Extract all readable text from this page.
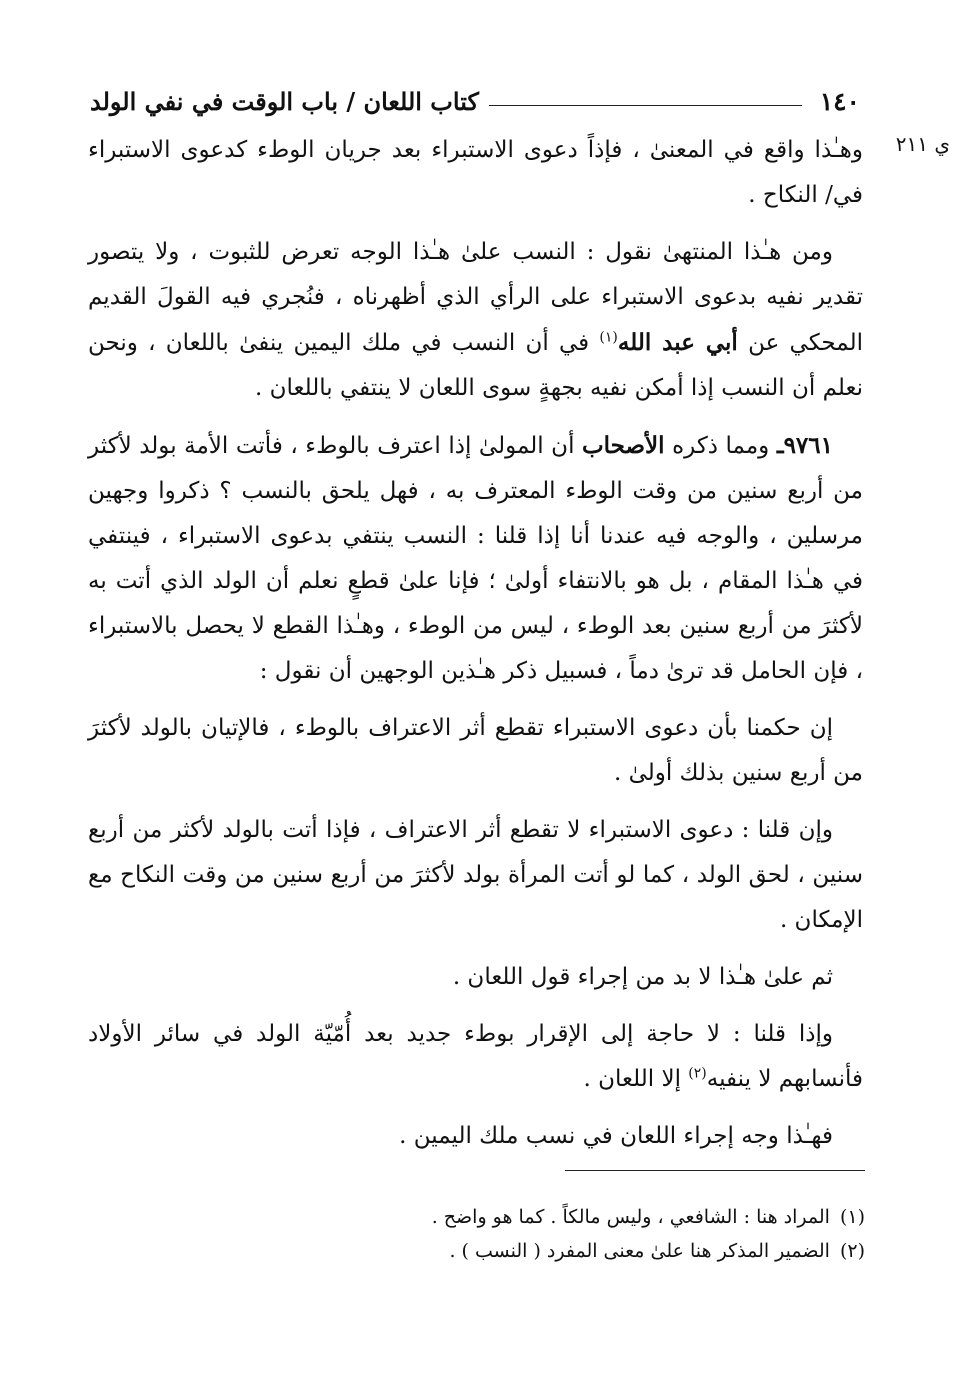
١٤٠
كتاب اللعان / باب الوقت في نفي الولد
ي ٢١١

وهـٰذا واقع في المعنىٰ ، فإذاً دعوى الاستبراء بعد جريان الوطء كدعوى الاستبراء في/ النكاح .

ومن هـٰذا المنتهىٰ نقول : النسب علىٰ هـٰذا الوجه تعرض للثبوت ، ولا يتصور تقدير نفيه بدعوى الاستبراء على الرأي الذي أظهرناه ، فنُجري فيه القولَ القديم المحكي عن أبي عبد الله$^{(١)}$ في أن النسب في ملك اليمين ينفىٰ باللعان ، ونحن نعلم أن النسب إذا أمكن نفيه بجهةٍ سوى اللعان لا ينتفي باللعان .

٩٧٦١ـ ومما ذكره الأصحاب أن المولىٰ إذا اعترف بالوطء ، فأتت الأمة بولد لأكثر من أربع سنين من وقت الوطء المعترف به ، فهل يلحق بالنسب ؟ ذكروا وجهين مرسلين ، والوجه فيه عندنا أنا إذا قلنا : النسب ينتفي بدعوى الاستبراء ، فينتفي في هـٰذا المقام ، بل هو بالانتفاء أولىٰ ؛ فإنا علىٰ قطعٍ نعلم أن الولد الذي أتت به لأكثرَ من أربع سنين بعد الوطء ، ليس من الوطء ، وهـٰذا القطع لا يحصل بالاستبراء ، فإن الحامل قد ترىٰ دماً ، فسبيل ذكر هـٰذين الوجهين أن نقول :

إن حكمنا بأن دعوى الاستبراء تقطع أثر الاعتراف بالوطء ، فالإتيان بالولد لأكثرَ من أربع سنين بذلك أولىٰ .

وإن قلنا : دعوى الاستبراء لا تقطع أثر الاعتراف ، فإذا أتت بالولد لأكثر من أربع سنين ، لحق الولد ، كما لو أتت المرأة بولد لأكثرَ من أربع سنين من وقت النكاح مع الإمكان .

ثم علىٰ هـٰذا لا بد من إجراء قول اللعان .

وإذا قلنا : لا حاجة إلى الإقرار بوطء جديد بعد أُمّيّة الولد في سائر الأولاد فأنسابهم لا ينفيه$^{(٢)}$ إلا اللعان .

فهـٰذا وجه إجراء اللعان في نسب ملك اليمين .

(١)
المراد هنا : الشافعي ، وليس مالكاً . كما هو واضح .
(٢)
الضمير المذكر هنا علىٰ معنى المفرد ( النسب ) .
